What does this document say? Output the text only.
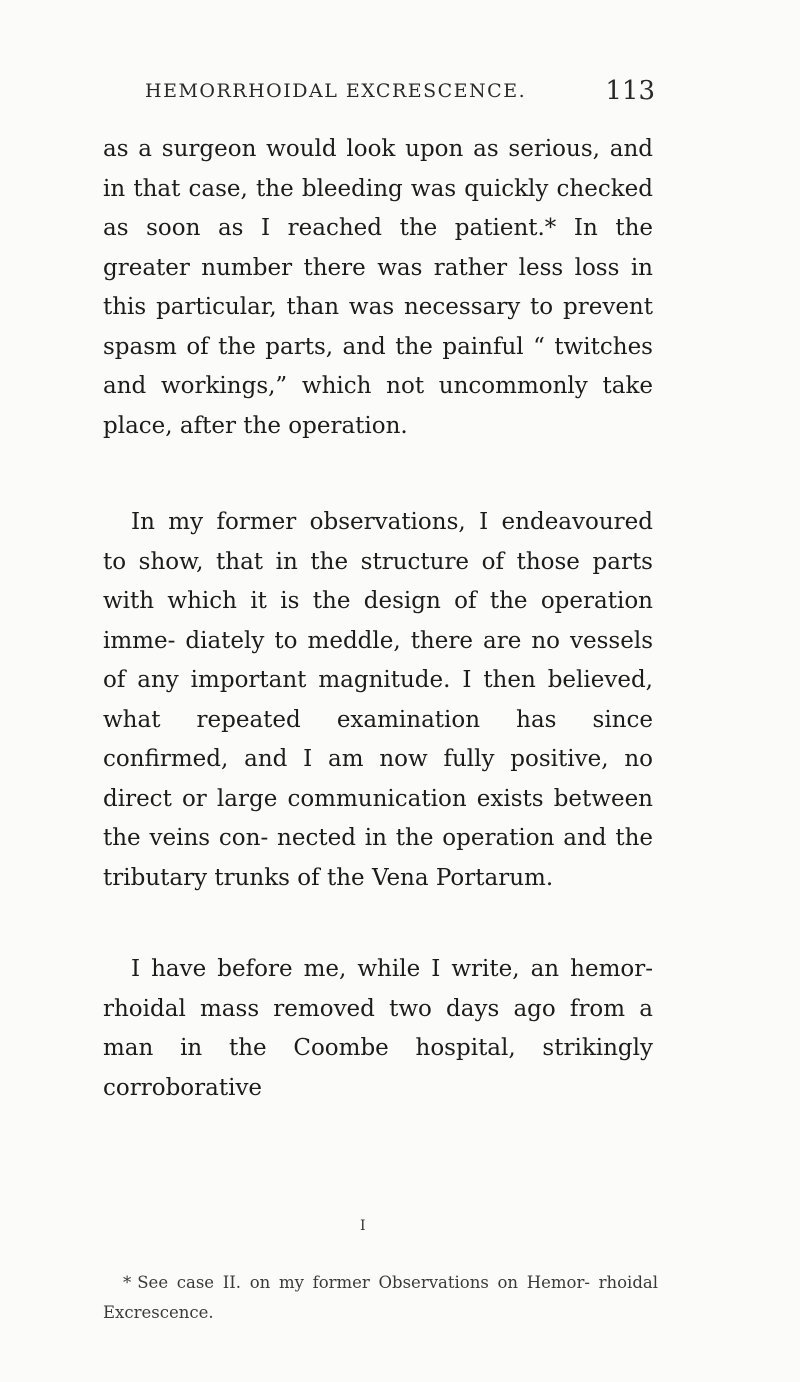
HEMORRHOIDAL EXCRESCENCE.	113

as a surgeon would look upon as serious, and in that case, the bleeding was quickly checked as soon as I reached the patient.* In the greater number there was rather less loss in this particular, than was necessary to prevent spasm of the parts, and the painful “ twitches and workings,” which not uncommonly take place, after the operation.

In my former observations, I endeavoured to show, that in the structure of those parts with which it is the design of the operation imme- diately to meddle, there are no vessels of any important magnitude. I then believed, what repeated examination has since confirmed, and I am now fully positive, no direct or large communication exists between the veins con- nected in the operation and the tributary trunks of the Vena Portarum.

I have before me, while I write, an hemor- rhoidal mass removed two days ago from a man in the Coombe hospital, strikingly corroborative

I
* See case II. on my former Observations on Hemor- rhoidal Excrescence.
